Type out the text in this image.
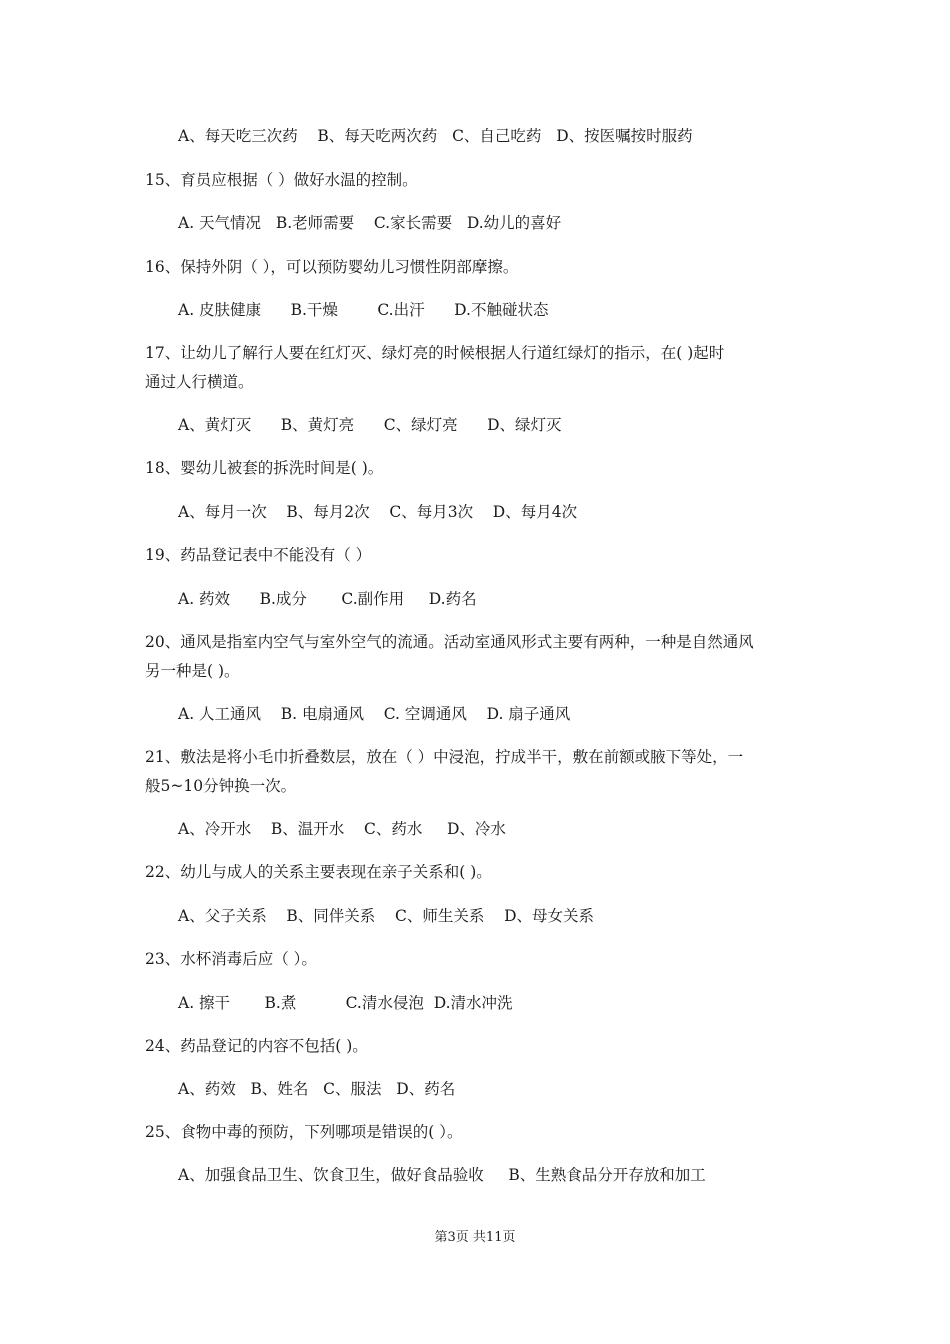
A、每天吃三次药    B、每天吃两次药   C、自己吃药   D、按医嘱按时服药
15、育员应根据（ ）做好水温的控制。
A. 天气情况   B.老师需要    C.家长需要   D.幼儿的喜好
16、保持外阴（ ），可以预防婴幼儿习惯性阴部摩擦。
A. 皮肤健康      B.干燥        C.出汗      D.不触碰状态
17、让幼儿了解行人要在红灯灭、绿灯亮的时候根据人行道红绿灯的指示，在( )起时
通过人行横道。
A、黄灯灭      B、黄灯亮      C、绿灯亮      D、绿灯灭
18、婴幼儿被套的拆洗时间是( )。
A、每月一次    B、每月2次    C、每月3次    D、每月4次
19、药品登记表中不能没有（ ）
A. 药效      B.成分       C.副作用     D.药名
20、通风是指室内空气与室外空气的流通。活动室通风形式主要有两种，一种是自然通风
另一种是( )。
A. 人工通风    B. 电扇通风    C. 空调通风    D. 扇子通风
21、敷法是将小毛巾折叠数层，放在（ ）中浸泡，拧成半干，敷在前额或腋下等处，一
般5~10分钟换一次。
A、冷开水    B、温开水    C、药水     D、冷水
22、幼儿与成人的关系主要表现在亲子关系和( )。
A、父子关系    B、同伴关系    C、师生关系    D、母女关系
23、水杯消毒后应（ ）。
A. 擦干       B.煮          C.清水侵泡  D.清水冲洗
24、药品登记的内容不包括( )。
A、药效   B、姓名   C、服法   D、药名
25、食物中毒的预防，下列哪项是错误的( ）。
A、加强食品卫生、饮食卫生，做好食品验收     B、生熟食品分开存放和加工
第3页 共11页
